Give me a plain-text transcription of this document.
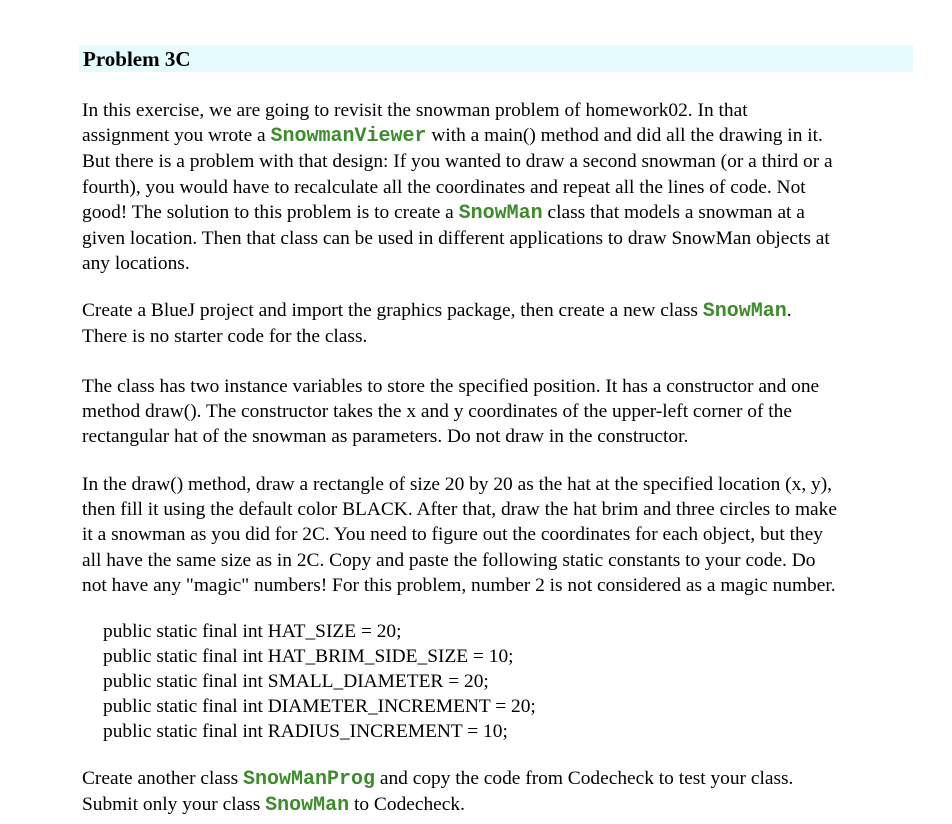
Problem 3C
In this exercise, we are going to revisit the snowman problem of homework02. In that
assignment you wrote a SnowmanViewer with a main() method and did all the drawing in it.
But there is a problem with that design: If you wanted to draw a second snowman (or a third or a
fourth), you would have to recalculate all the coordinates and repeat all the lines of code. Not
good! The solution to this problem is to create a SnowMan class that models a snowman at a
given location. Then that class can be used in different applications to draw SnowMan objects at
any locations.
Create a BlueJ project and import the graphics package, then create a new class SnowMan.
There is no starter code for the class.
The class has two instance variables to store the specified position. It has a constructor and one
method draw(). The constructor takes the x and y coordinates of the upper-left corner of the
rectangular hat of the snowman as parameters. Do not draw in the constructor.
In the draw() method, draw a rectangle of size 20 by 20 as the hat at the specified location (x, y),
then fill it using the default color BLACK. After that, draw the hat brim and three circles to make
it a snowman as you did for 2C. You need to figure out the coordinates for each object, but they
all have the same size as in 2C. Copy and paste the following static constants to your code. Do
not have any "magic" numbers! For this problem, number 2 is not considered as a magic number.
public static final int HAT_SIZE = 20;
public static final int HAT_BRIM_SIDE_SIZE = 10;
public static final int SMALL_DIAMETER = 20;
public static final int DIAMETER_INCREMENT = 20;
public static final int RADIUS_INCREMENT = 10;
Create another class SnowManProg and copy the code from Codecheck to test your class.
Submit only your class SnowMan to Codecheck.
